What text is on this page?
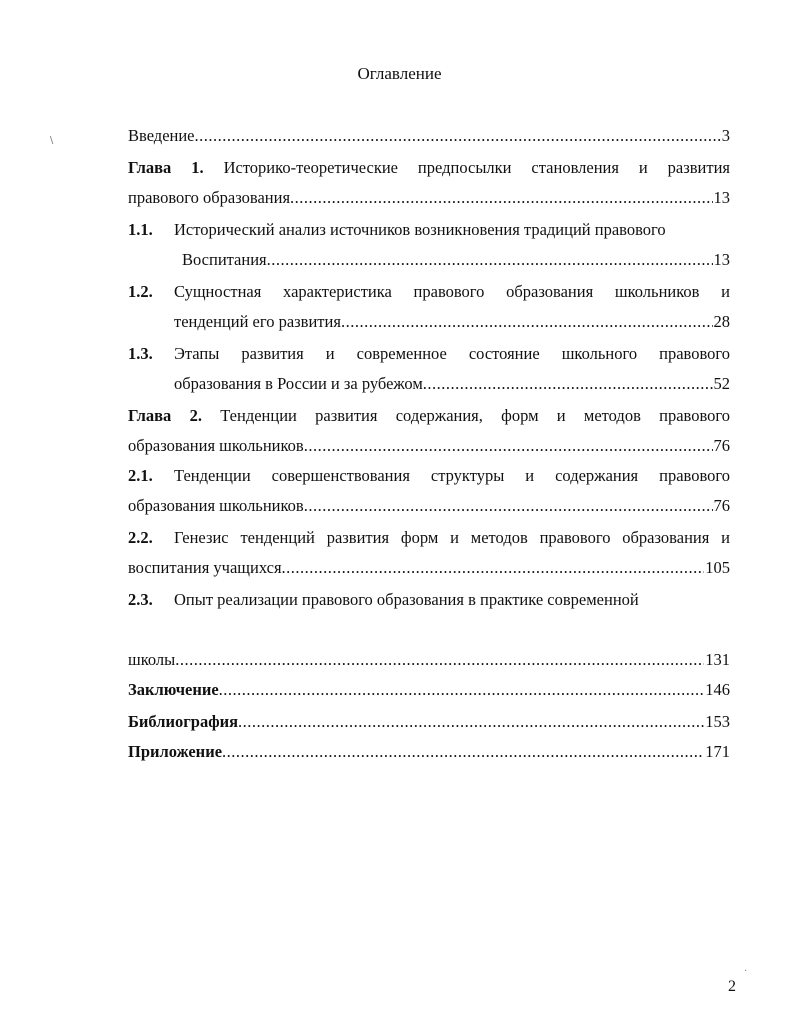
∖
Оглавление
Введение .....	3
Глава 1. Историко-теоретические предпосылки становления и развития
правового образования .....	13
1.1.	Исторический анализ источников возникновения традиций правового
Воспитания .....	13
1.2.	Сущностная характеристика правового образования школьников и
тенденций его развития .....	28
1.3.	Этапы развития и современное состояние школьного правового
образования в России и за рубежом .....	52
Глава 2. Тенденции развития содержания, форм и методов правового
образования школьников .....	76
2.1.	Тенденции совершенствования структуры и содержания правового
образования школьников .....	76
2.2.	Генезис тенденций развития форм и методов правового образования и
воспитания учащихся .....	105
2.3.	Опыт реализации правового образования в практике современной
школы .....	131
Заключение .....	146
Библиография .....	153
Приложение .....	171
·
2
